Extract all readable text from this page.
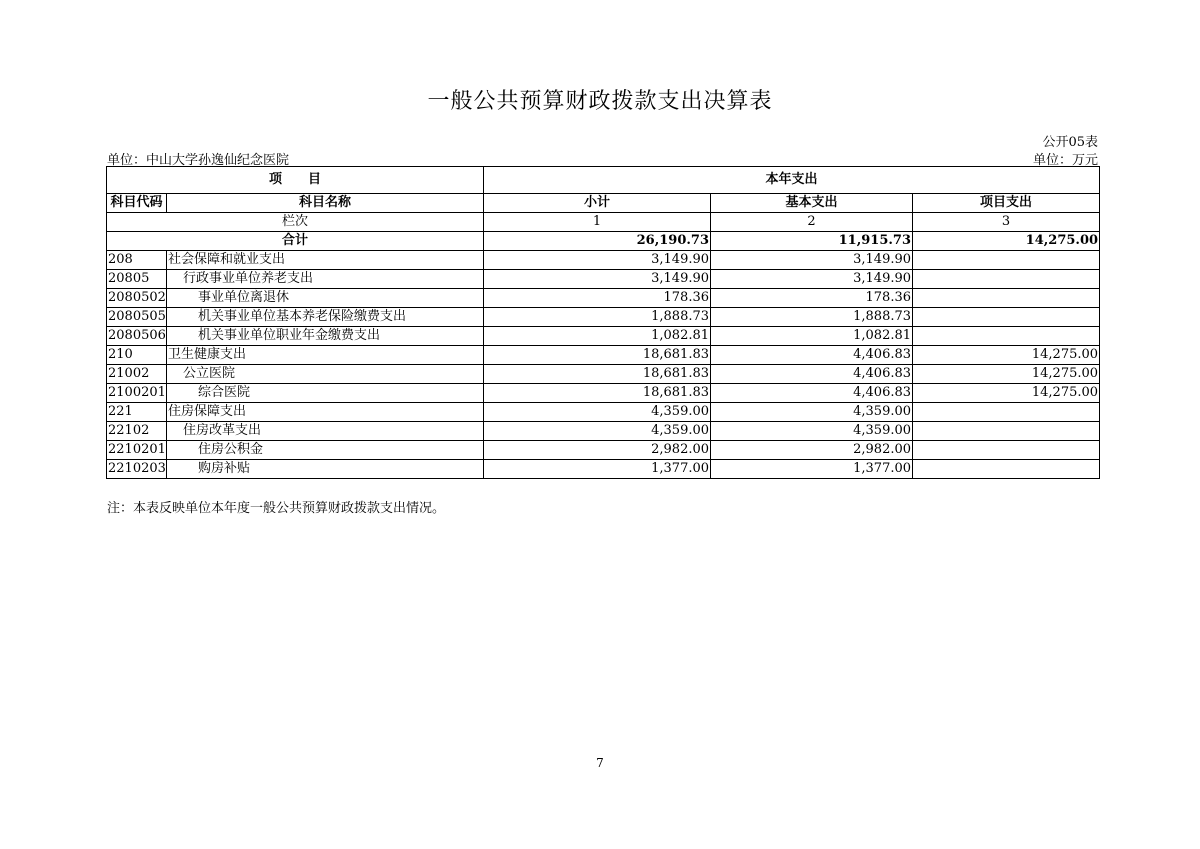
一般公共预算财政拨款支出决算表
公开05表
单位：中山大学孙逸仙纪念医院	单位：万元
项　　目		本年支出		
科目代码	科目名称	小计	基本支出	项目支出
栏次		1	2	3
合计		26,190.73	11,915.73	14,275.00
208	社会保障和就业支出	3,149.90	3,149.90	
20805	行政事业单位养老支出	3,149.90	3,149.90	
2080502	事业单位离退休	178.36	178.36	
2080505	机关事业单位基本养老保险缴费支出	1,888.73	1,888.73	
2080506	机关事业单位职业年金缴费支出	1,082.81	1,082.81	
210	卫生健康支出	18,681.83	4,406.83	14,275.00
21002	公立医院	18,681.83	4,406.83	14,275.00
2100201	综合医院	18,681.83	4,406.83	14,275.00
221	住房保障支出	4,359.00	4,359.00	
22102	住房改革支出	4,359.00	4,359.00	
2210201	住房公积金	2,982.00	2,982.00	
2210203	购房补贴	1,377.00	1,377.00	
注：本表反映单位本年度一般公共预算财政拨款支出情况。
7
